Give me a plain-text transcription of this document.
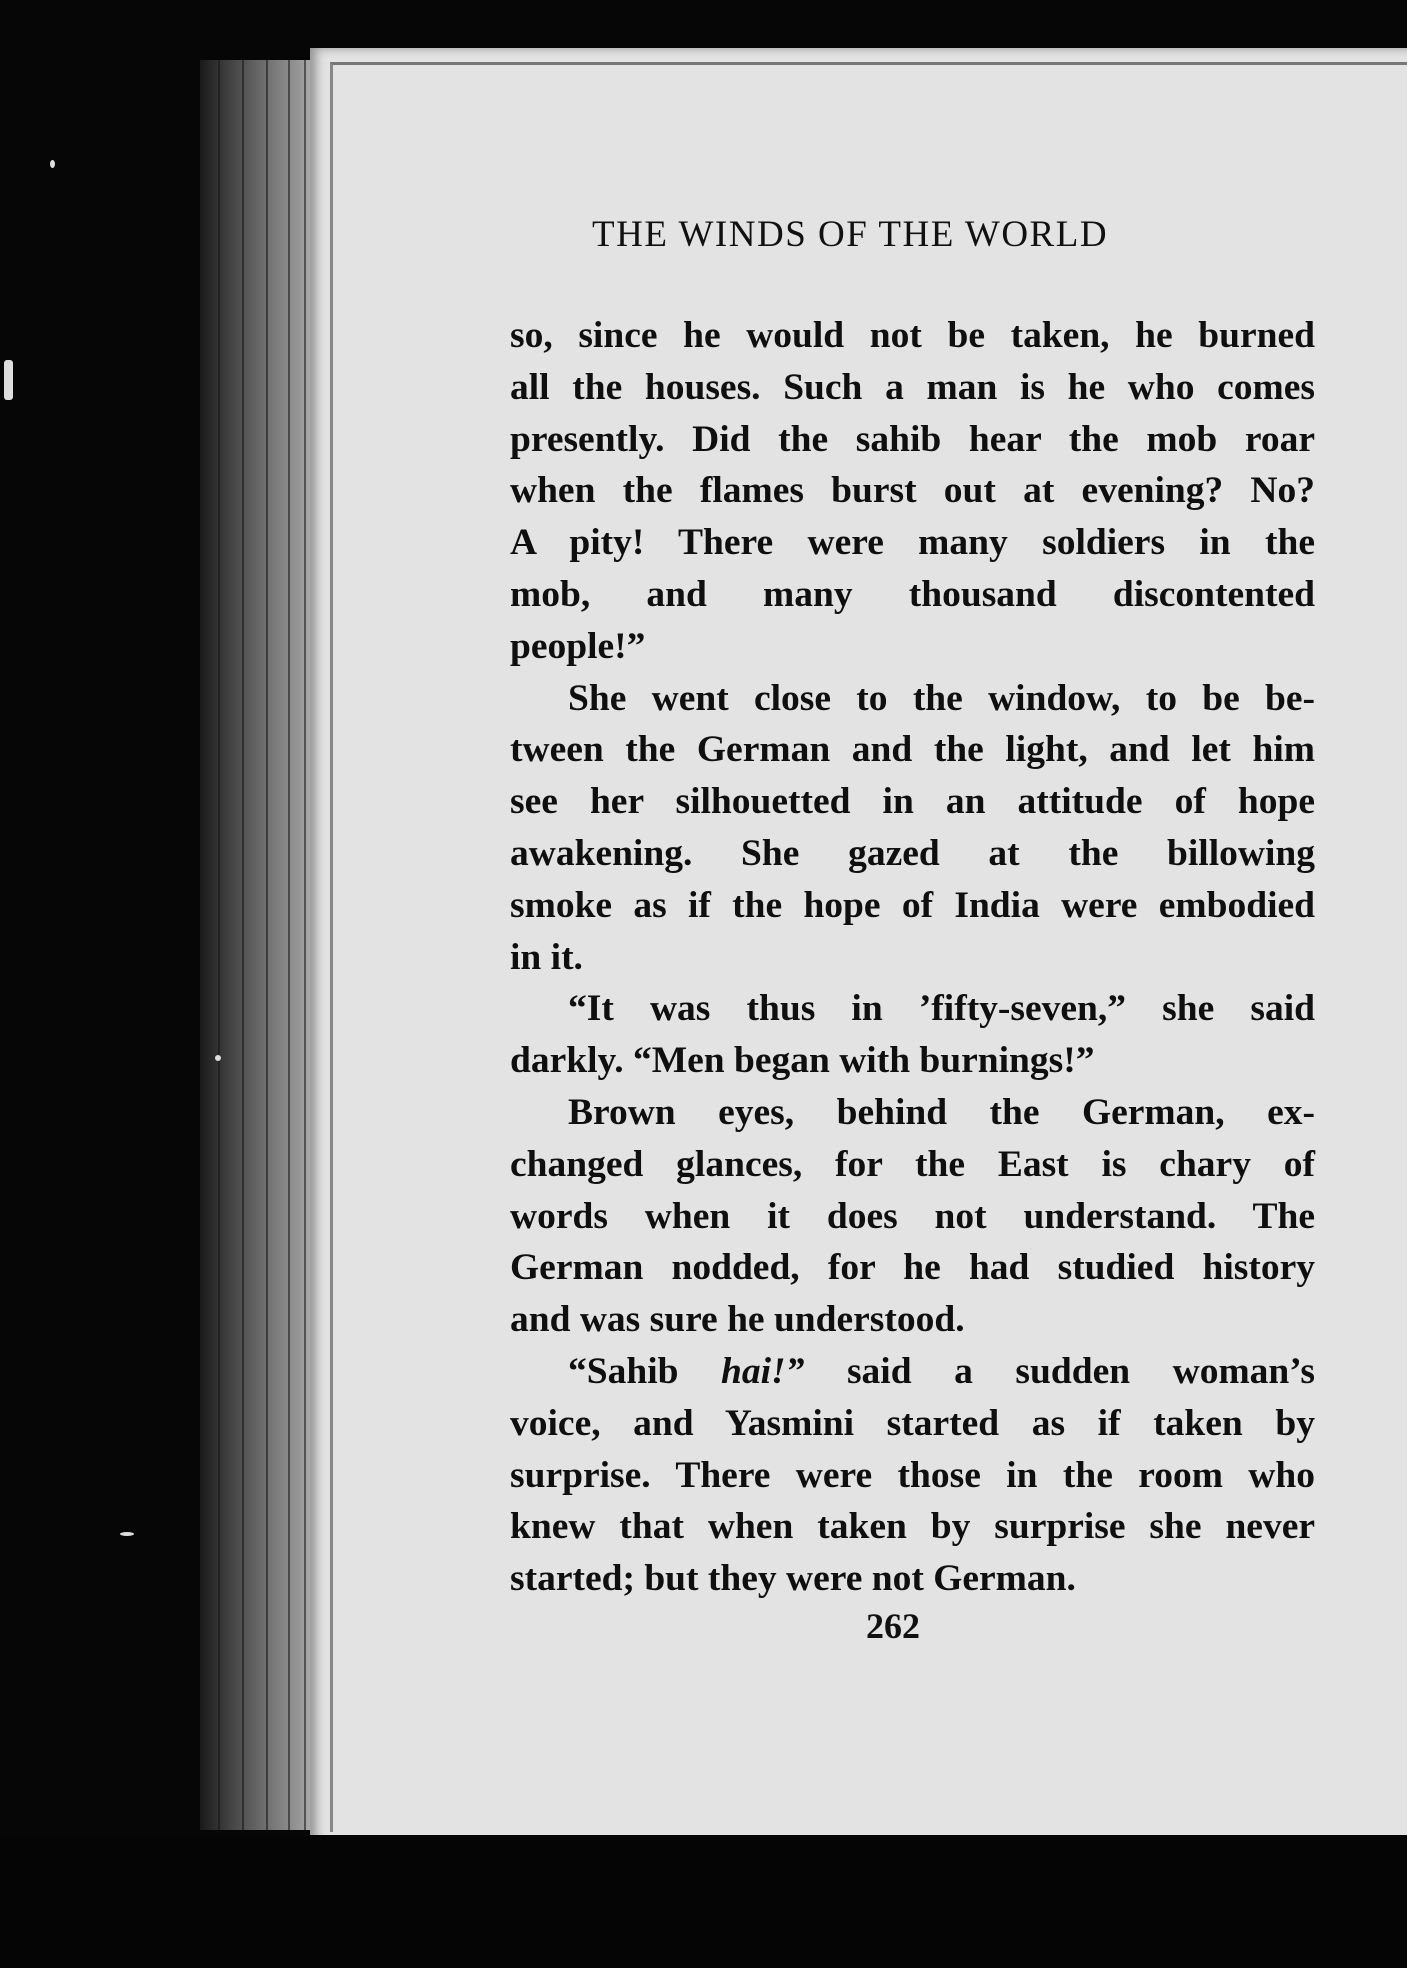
THE WINDS OF THE WORLD
so, since he would not be taken, he burned
all the houses. Such a man is he who comes
presently. Did the sahib hear the mob roar
when the flames burst out at evening? No?
A pity! There were many soldiers in the
mob, and many thousand discontented
people!”
She went close to the window, to be be-
tween the German and the light, and let him
see her silhouetted in an attitude of hope
awakening. She gazed at the billowing
smoke as if the hope of India were embodied
in it.
“It was thus in ’fifty-seven,” she said
darkly. “Men began with burnings!”
Brown eyes, behind the German, ex-
changed glances, for the East is chary of
words when it does not understand. The
German nodded, for he had studied history
and was sure he understood.
“Sahib hai!” said a sudden woman’s
voice, and Yasmini started as if taken by
surprise. There were those in the room who
knew that when taken by surprise she never
started; but they were not German.
262
